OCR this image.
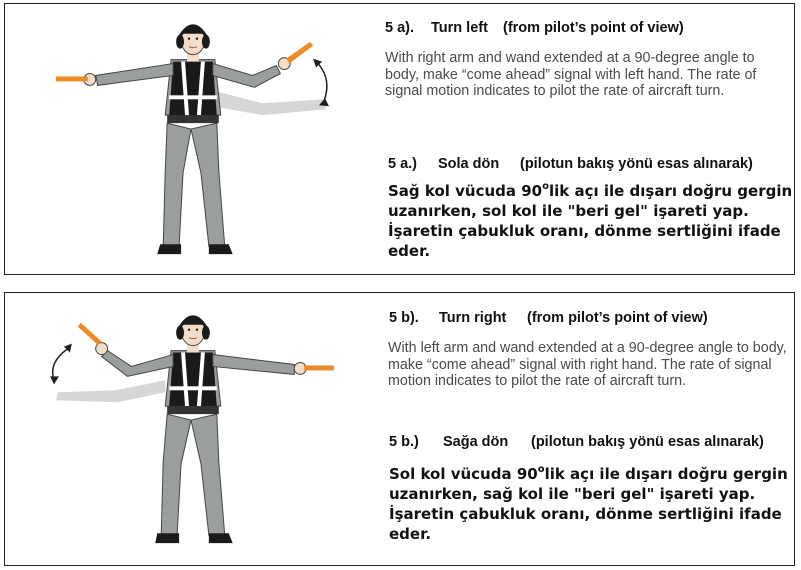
5 a). Turn left (from pilot’s point of view)

With right arm and wand extended at a 90-degree angle to body, make “come ahead” signal with left hand. The rate of signal motion indicates to pilot the rate of aircraft turn.

5 a.) Sola dön (pilotun bakış yönü esas alınarak)

Sağ kol vücuda 90$^o$lik açı ile dışarı doğru gergin uzanırken, sol kol ile "beri gel" işareti yap. İşaretin çabukluk oranı, dönme sertliğini ifade eder.

5 b). Turn right (from pilot’s point of view)

With left arm and wand extended at a 90-degree angle to body, make “come ahead” signal with right hand. The rate of signal motion indicates to pilot the rate of aircraft turn.

5 b.) Sağa dön (pilotun bakış yönü esas alınarak)

Sol kol vücuda 90$^o$lik açı ile dışarı doğru gergin uzanırken, sağ kol ile "beri gel" işareti yap. İşaretin çabukluk oranı, dönme sertliğini ifade eder.
